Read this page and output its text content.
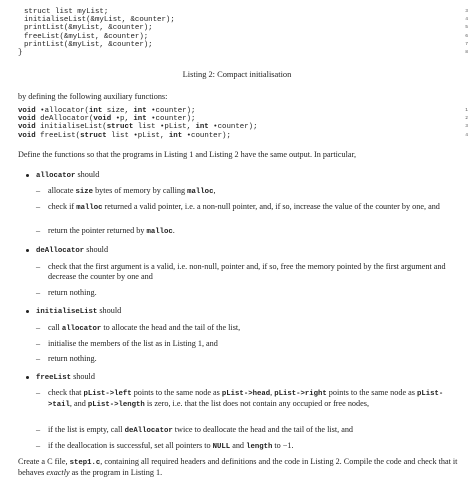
struct list myList;
initialiseList(&myList, &counter);
printList(&myList, &counter);
freeList(&myList, &counter);
printList(&myList, &counter);
}
3
4
5
6
7
8
Listing 2: Compact initialisation
by defining the following auxiliary functions:
void •allocator(int size, int •counter);
void deAllocator(void •p, int •counter);
void initialiseList(struct list •pList, int •counter);
void freeList(struct list •pList, int •counter);
1
2
3
4
Define the functions so that the programs in Listing 1 and Listing 2 have the same output. In particular,
allocator should
– allocate size bytes of memory by calling malloc,
– check if malloc returned a valid pointer, i.e. a non-null pointer, and, if so, increase the value of the counter by one, and
– return the pointer returned by malloc.
deAllocator should
– check that the first argument is a valid, i.e. non-null, pointer and, if so, free the memory pointed by the first argument and decrease the counter by one and
– return nothing.
initialiseList should
– call allocator to allocate the head and the tail of the list,
– initialise the members of the list as in Listing 1, and
– return nothing.
freeList should
– check that pList->left points to the same node as pList->head, pList->right points to the same node as pList->tail, and pList->length is zero, i.e. that the list does not contain any occupied or free nodes,
– if the list is empty, call deAllocator twice to deallocate the head and the tail of the list, and
– if the deallocation is successful, set all pointers to NULL and length to −1.
Create a C file, step1.c, containing all required headers and definitions and the code in Listing 2. Compile the code and check that it behaves exactly as the program in Listing 1.
